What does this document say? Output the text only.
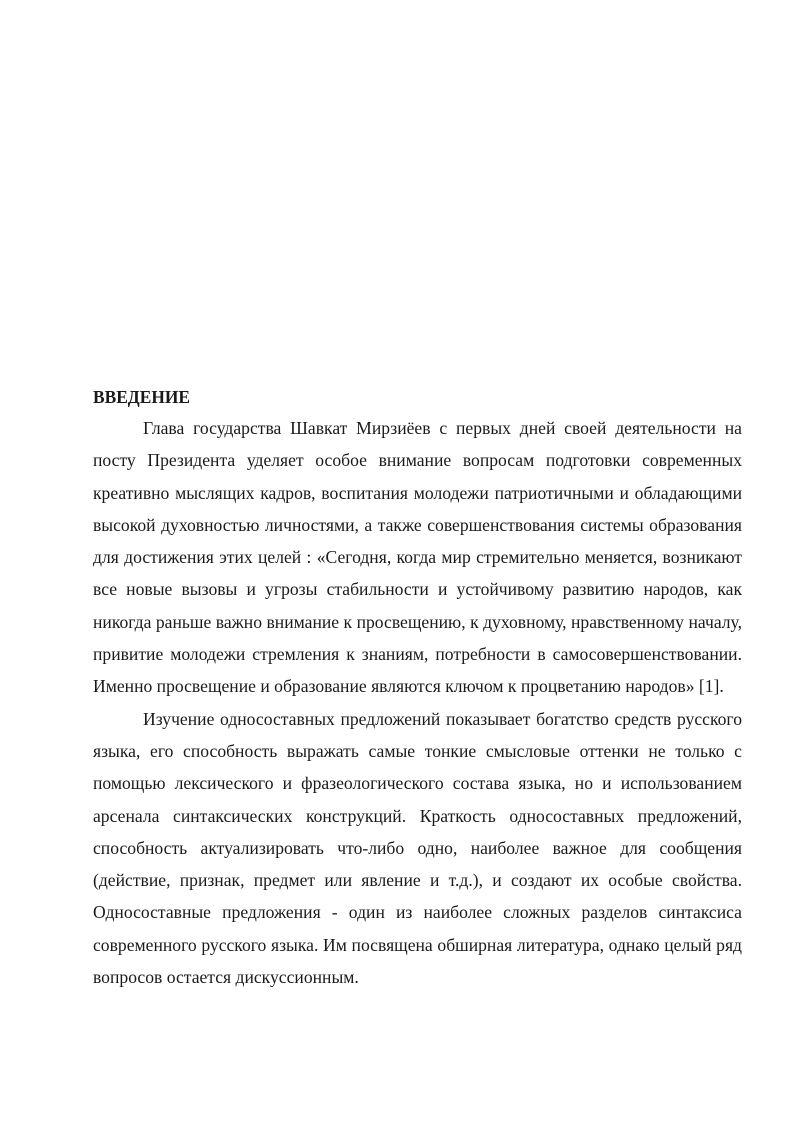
ВВЕДЕНИЕ

Глава государства Шавкат Мирзиёев с первых дней своей деятельности на посту Президента уделяет особое внимание вопросам подготовки современных креативно мыслящих кадров, воспитания молодежи патриотичными и обладающими высокой духовностью личностями, а также совершенствования системы образования для достижения этих целей : «Сегодня, когда мир стремительно меняется, возникают все новые вызовы и угрозы стабильности и устойчивому развитию народов, как никогда раньше важно внимание к просвещению, к духовному, нравственному началу, привитие молодежи стремления к знаниям, потребности в самосовершенствовании. Именно просвещение и образование являются ключом к процветанию народов» [1].

Изучение односоставных предложений показывает богатство средств русского языка, его способность выражать самые тонкие смысловые оттенки не только с помощью лексического и фразеологического состава языка, но и использованием арсенала синтаксических конструкций. Краткость односоставных предложений, способность актуализировать что-либо одно, наиболее важное для сообщения (действие, признак, предмет или явление и т.д.), и создают их особые свойства. Односоставные предложения - один из наиболее сложных разделов синтаксиса современного русского языка. Им посвящена обширная литература, однако целый ряд вопросов остается дискуссионным.
